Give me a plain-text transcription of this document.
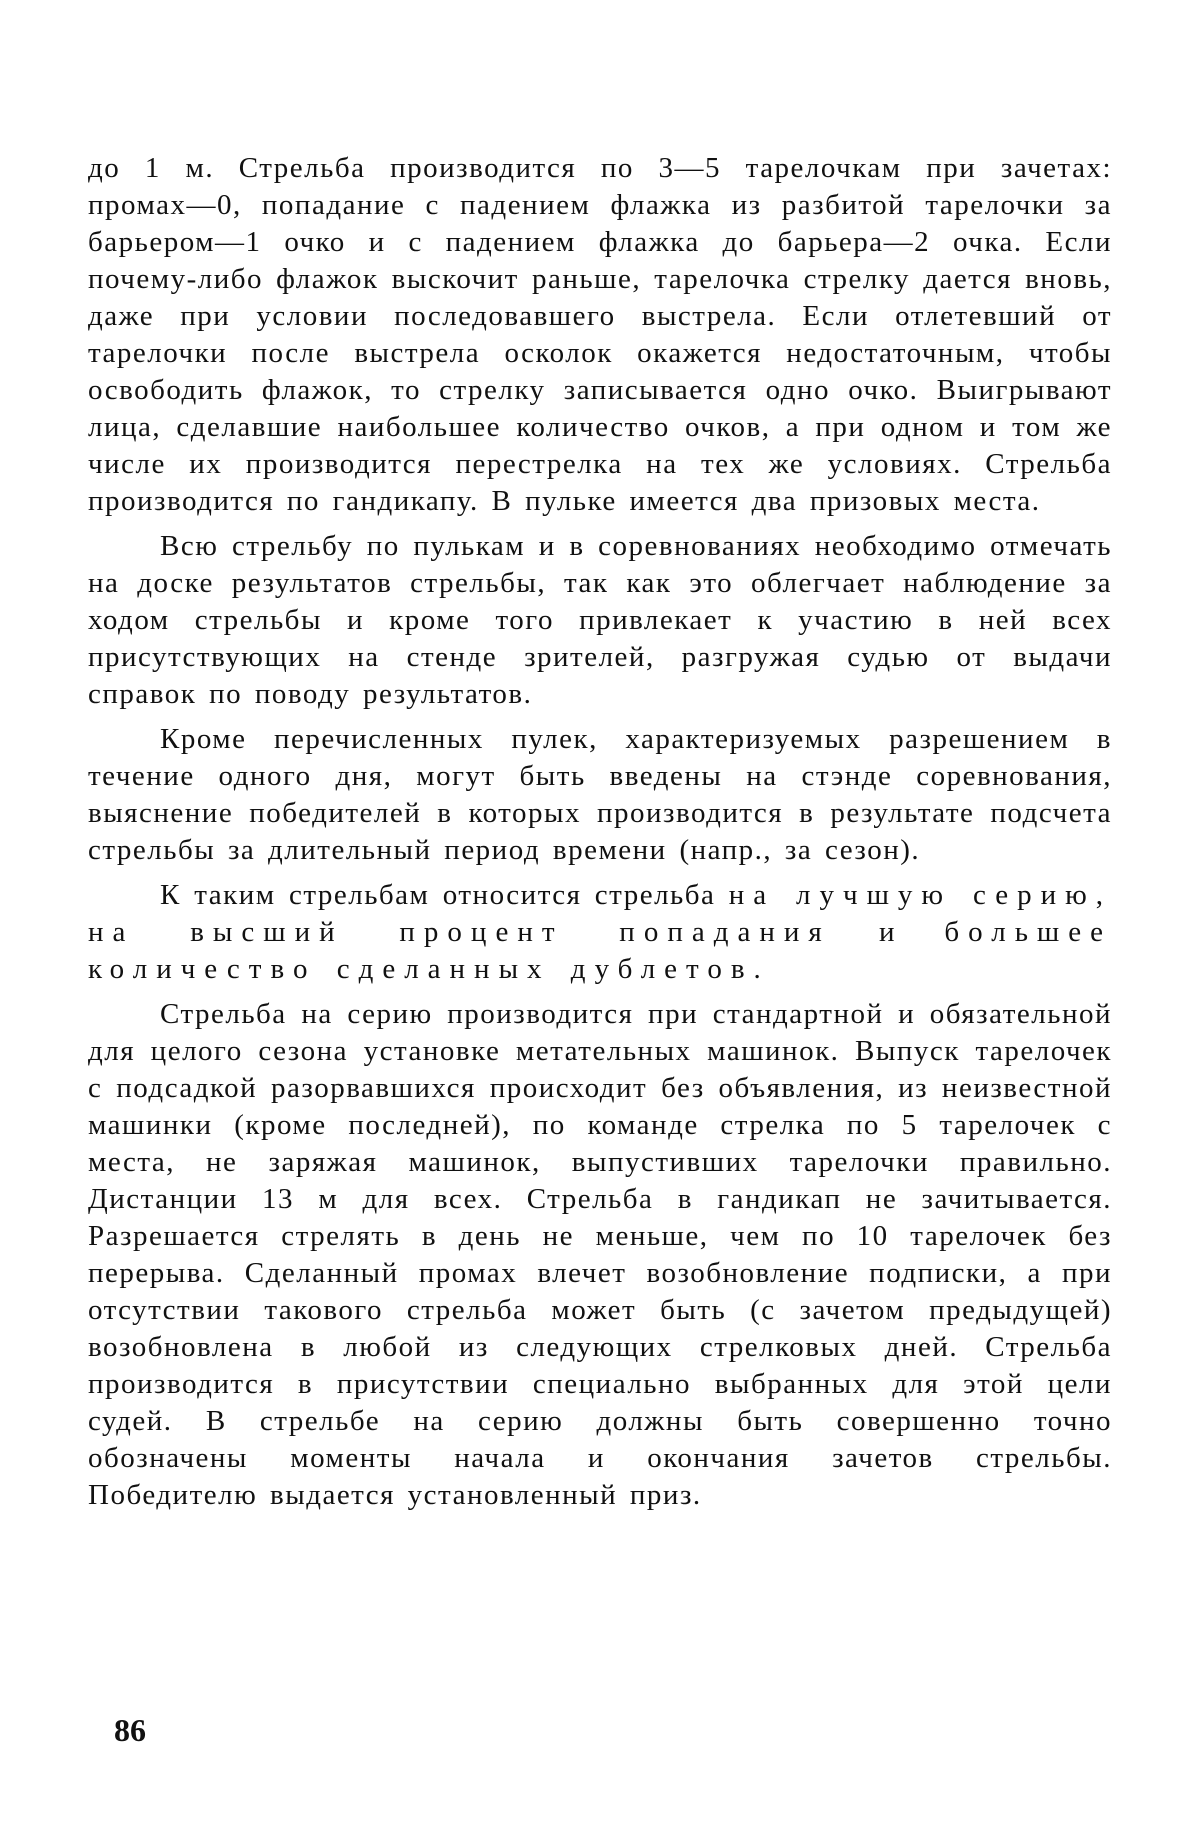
до 1 м. Стрельба производится по 3—5 тарелочкам при зачетах: промах—0, попадание с падением флажка из разбитой тарелочки за барьером—1 очко и с падением флажка до барьера—2 очка. Если почему-либо флажок выскочит раньше, тарелочка стрелку дается вновь, даже при условии последовавшего выстрела. Если отлетевший от тарелочки после выстрела осколок окажется недостаточным, чтобы освободить флажок, то стрелку записывается одно очко. Выигрывают лица, сделавшие наибольшее количество очков, а при одном и том же числе их производится перестрелка на тех же условиях. Стрельба производится по гандикапу. В пульке имеется два призовых места.

Всю стрельбу по пулькам и в соревнованиях необходимо отмечать на доске результатов стрельбы, так как это облегчает наблюдение за ходом стрельбы и кроме того привлекает к участию в ней всех присутствующих на стенде зрителей, разгружая судью от выдачи справок по поводу результатов.

Кроме перечисленных пулек, характеризуемых разрешением в течение одного дня, могут быть введены на стэнде соревнования, выяснение победителей в которых производится в результате подсчета стрельбы за длительный период времени (напр., за сезон).

К таким стрельбам относится стрельба на лучшую серию, на высший процент попадания и большее количество сделанных дублетов.

Стрельба на серию производится при стандартной и обязательной для целого сезона установке метательных машинок. Выпуск тарелочек с подсадкой разорвавшихся происходит без объявления, из неизвестной машинки (кроме последней), по команде стрелка по 5 тарелочек с места, не заряжая машинок, выпустивших тарелочки правильно. Дистанции 13 м для всех. Стрельба в гандикап не зачитывается. Разрешается стрелять в день не меньше, чем по 10 тарелочек без перерыва. Сделанный промах влечет возобновление подписки, а при отсутствии такового стрельба может быть (с зачетом предыдущей) возобновлена в любой из следующих стрелковых дней. Стрельба производится в присутствии специально выбранных для этой цели судей. В стрельбе на серию должны быть совершенно точно обозначены моменты начала и окончания зачетов стрельбы. Победителю выдается установленный приз.

86
